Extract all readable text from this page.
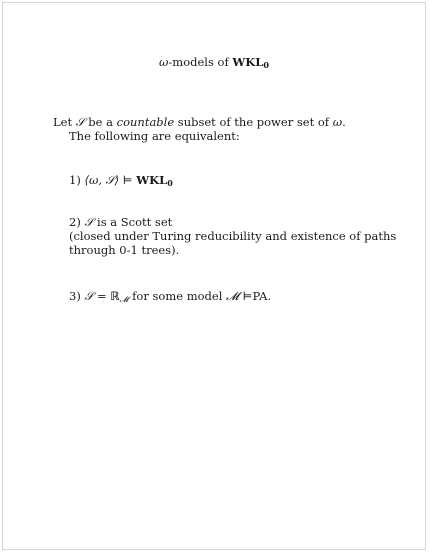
ω-models of $WKL_0$
Let 𝒮 be a countable subset of the power set of ω.
The following are equivalent:
1) ⟨ω, 𝒮⟩ ⊨ $WKL_0$
2) 𝒮 is a Scott set
(closed under Turing reducibility and existence of paths
through 0-1 trees).
3) 𝒮 = ℝ𝓜 for some model 𝓜 ⊨PA.
